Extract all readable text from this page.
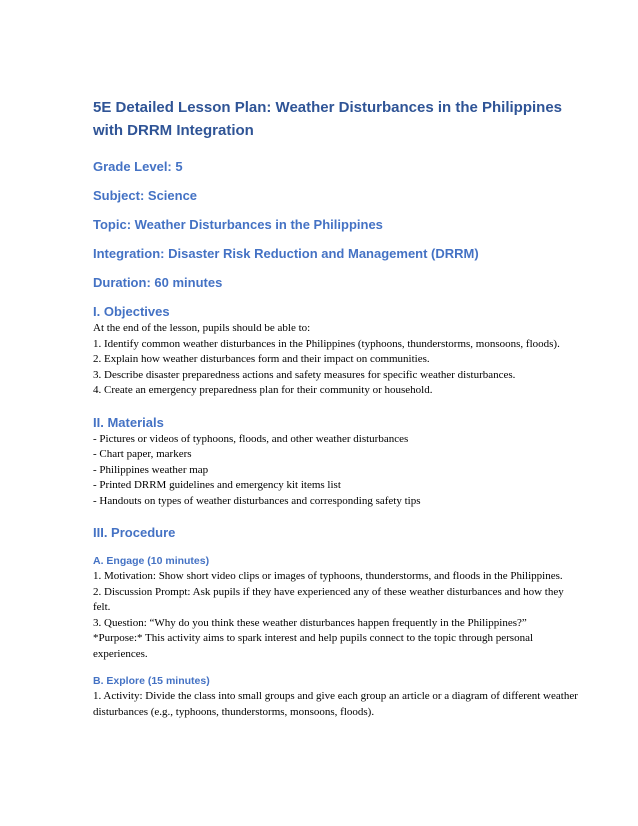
5E Detailed Lesson Plan: Weather Disturbances in the Philippines with DRRM Integration
Grade Level: 5
Subject: Science
Topic: Weather Disturbances in the Philippines
Integration: Disaster Risk Reduction and Management (DRRM)
Duration: 60 minutes
I. Objectives

At the end of the lesson, pupils should be able to:

1. Identify common weather disturbances in the Philippines (typhoons, thunderstorms, monsoons, floods).

2. Explain how weather disturbances form and their impact on communities.

3. Describe disaster preparedness actions and safety measures for specific weather disturbances.

4. Create an emergency preparedness plan for their community or household.

II. Materials

- Pictures or videos of typhoons, floods, and other weather disturbances

- Chart paper, markers

- Philippines weather map

- Printed DRRM guidelines and emergency kit items list

- Handouts on types of weather disturbances and corresponding safety tips

III. Procedure
A. Engage (10 minutes)

1. Motivation: Show short video clips or images of typhoons, thunderstorms, and floods in the Philippines.

2. Discussion Prompt: Ask pupils if they have experienced any of these weather disturbances and how they felt.

3. Question: “Why do you think these weather disturbances happen frequently in the Philippines?”

*Purpose:* This activity aims to spark interest and help pupils connect to the topic through personal experiences.

B. Explore (15 minutes)

1. Activity: Divide the class into small groups and give each group an article or a diagram of different weather disturbances (e.g., typhoons, thunderstorms, monsoons, floods).
